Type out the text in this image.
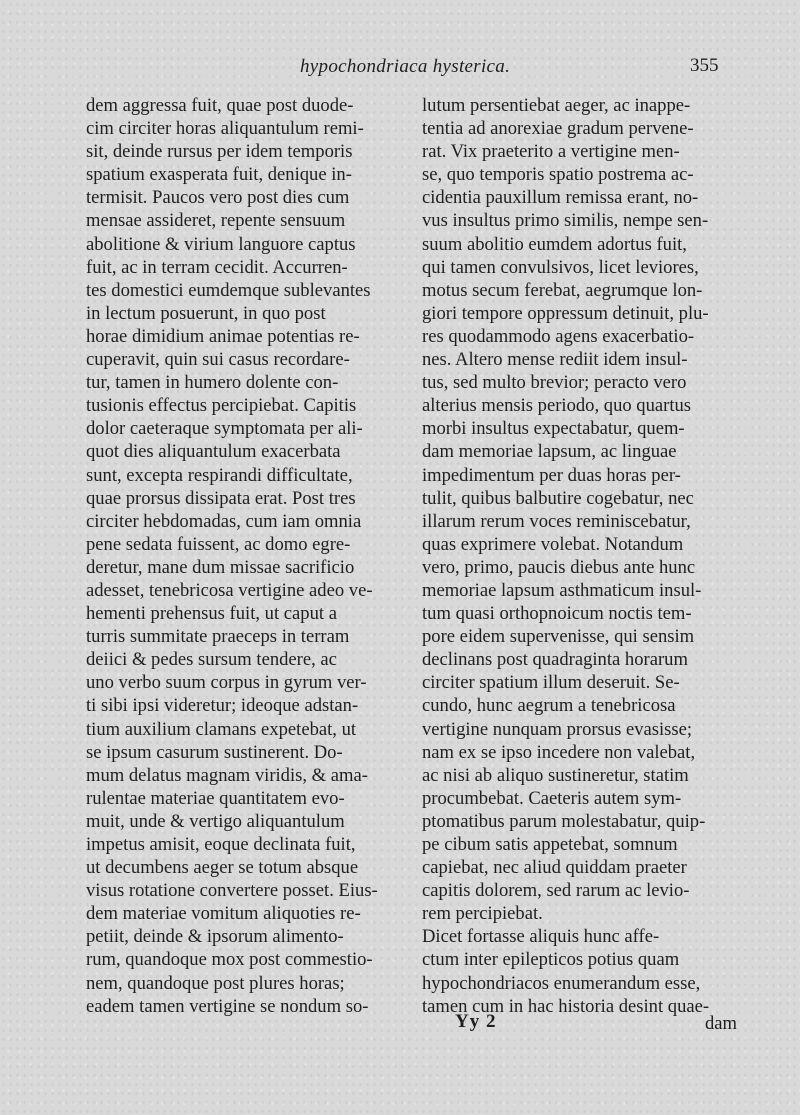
hypochondriaca hysterica.	355
dem aggressa fuit, quae post duode-
cim circiter horas aliquantulum remi-
sit, deinde rursus per idem temporis
spatium exasperata fuit, denique in-
termisit. Paucos vero post dies cum
mensae assideret, repente sensuum
abolitione & virium languore captus
fuit, ac in terram cecidit. Accurren-
tes domestici eumdemque sublevantes
in lectum posuerunt, in quo post
horae dimidium animae potentias re-
cuperavit, quin sui casus recordare-
tur, tamen in humero dolente con-
tusionis effectus percipiebat. Capitis
dolor caeteraque symptomata per ali-
quot dies aliquantulum exacerbata
sunt, excepta respirandi difficultate,
quae prorsus dissipata erat. Post tres
circiter hebdomadas, cum iam omnia
pene sedata fuissent, ac domo egre-
deretur, mane dum missae sacrificio
adesset, tenebricosa vertigine adeo ve-
hementi prehensus fuit, ut caput a
turris summitate praeceps in terram
deiici & pedes sursum tendere, ac
uno verbo suum corpus in gyrum ver-
ti sibi ipsi videretur; ideoque adstan-
tium auxilium clamans expetebat, ut
se ipsum casurum sustinerent. Do-
mum delatus magnam viridis, & ama-
rulentae materiae quantitatem evo-
muit, unde & vertigo aliquantulum
impetus amisit, eoque declinata fuit,
ut decumbens aeger se totum absque
visus rotatione convertere posset. Eius-
dem materiae vomitum aliquoties re-
petiit, deinde & ipsorum alimento-
rum, quandoque mox post commestio-
nem, quandoque post plures horas;
eadem tamen vertigine se nondum so-
lutum persentiebat aeger, ac inappe-
tentia ad anorexiae gradum pervene-
rat. Vix praeterito a vertigine men-
se, quo temporis spatio postrema ac-
cidentia pauxillum remissa erant, no-
vus insultus primo similis, nempe sen-
suum abolitio eumdem adortus fuit,
qui tamen convulsivos, licet leviores,
motus secum ferebat, aegrumque lon-
giori tempore oppressum detinuit, plu-
res quodammodo agens exacerbatio-
nes. Altero mense rediit idem insul-
tus, sed multo brevior; peracto vero
alterius mensis periodo, quo quartus
morbi insultus expectabatur, quem-
dam memoriae lapsum, ac linguae
impedimentum per duas horas per-
tulit, quibus balbutire cogebatur, nec
illarum rerum voces reminiscebatur,
quas exprimere volebat. Notandum
vero, primo, paucis diebus ante hunc
memoriae lapsum asthmaticum insul-
tum quasi orthopnoicum noctis tem-
pore eidem supervenisse, qui sensim
declinans post quadraginta horarum
circiter spatium illum deseruit. Se-
cundo, hunc aegrum a tenebricosa
vertigine nunquam prorsus evasisse;
nam ex se ipso incedere non valebat,
ac nisi ab aliquo sustineretur, statim
procumbebat. Caeteris autem sym-
ptomatibus parum molestabatur, quip-
pe cibum satis appetebat, somnum
capiebat, nec aliud quiddam praeter
capitis dolorem, sed rarum ac levio-
rem percipiebat.
Dicet fortasse aliquis hunc affe-
ctum inter epilepticos potius quam
hypochondriacos enumerandum esse,
tamen cum in hac historia desint quae-
Yy 2	dam
